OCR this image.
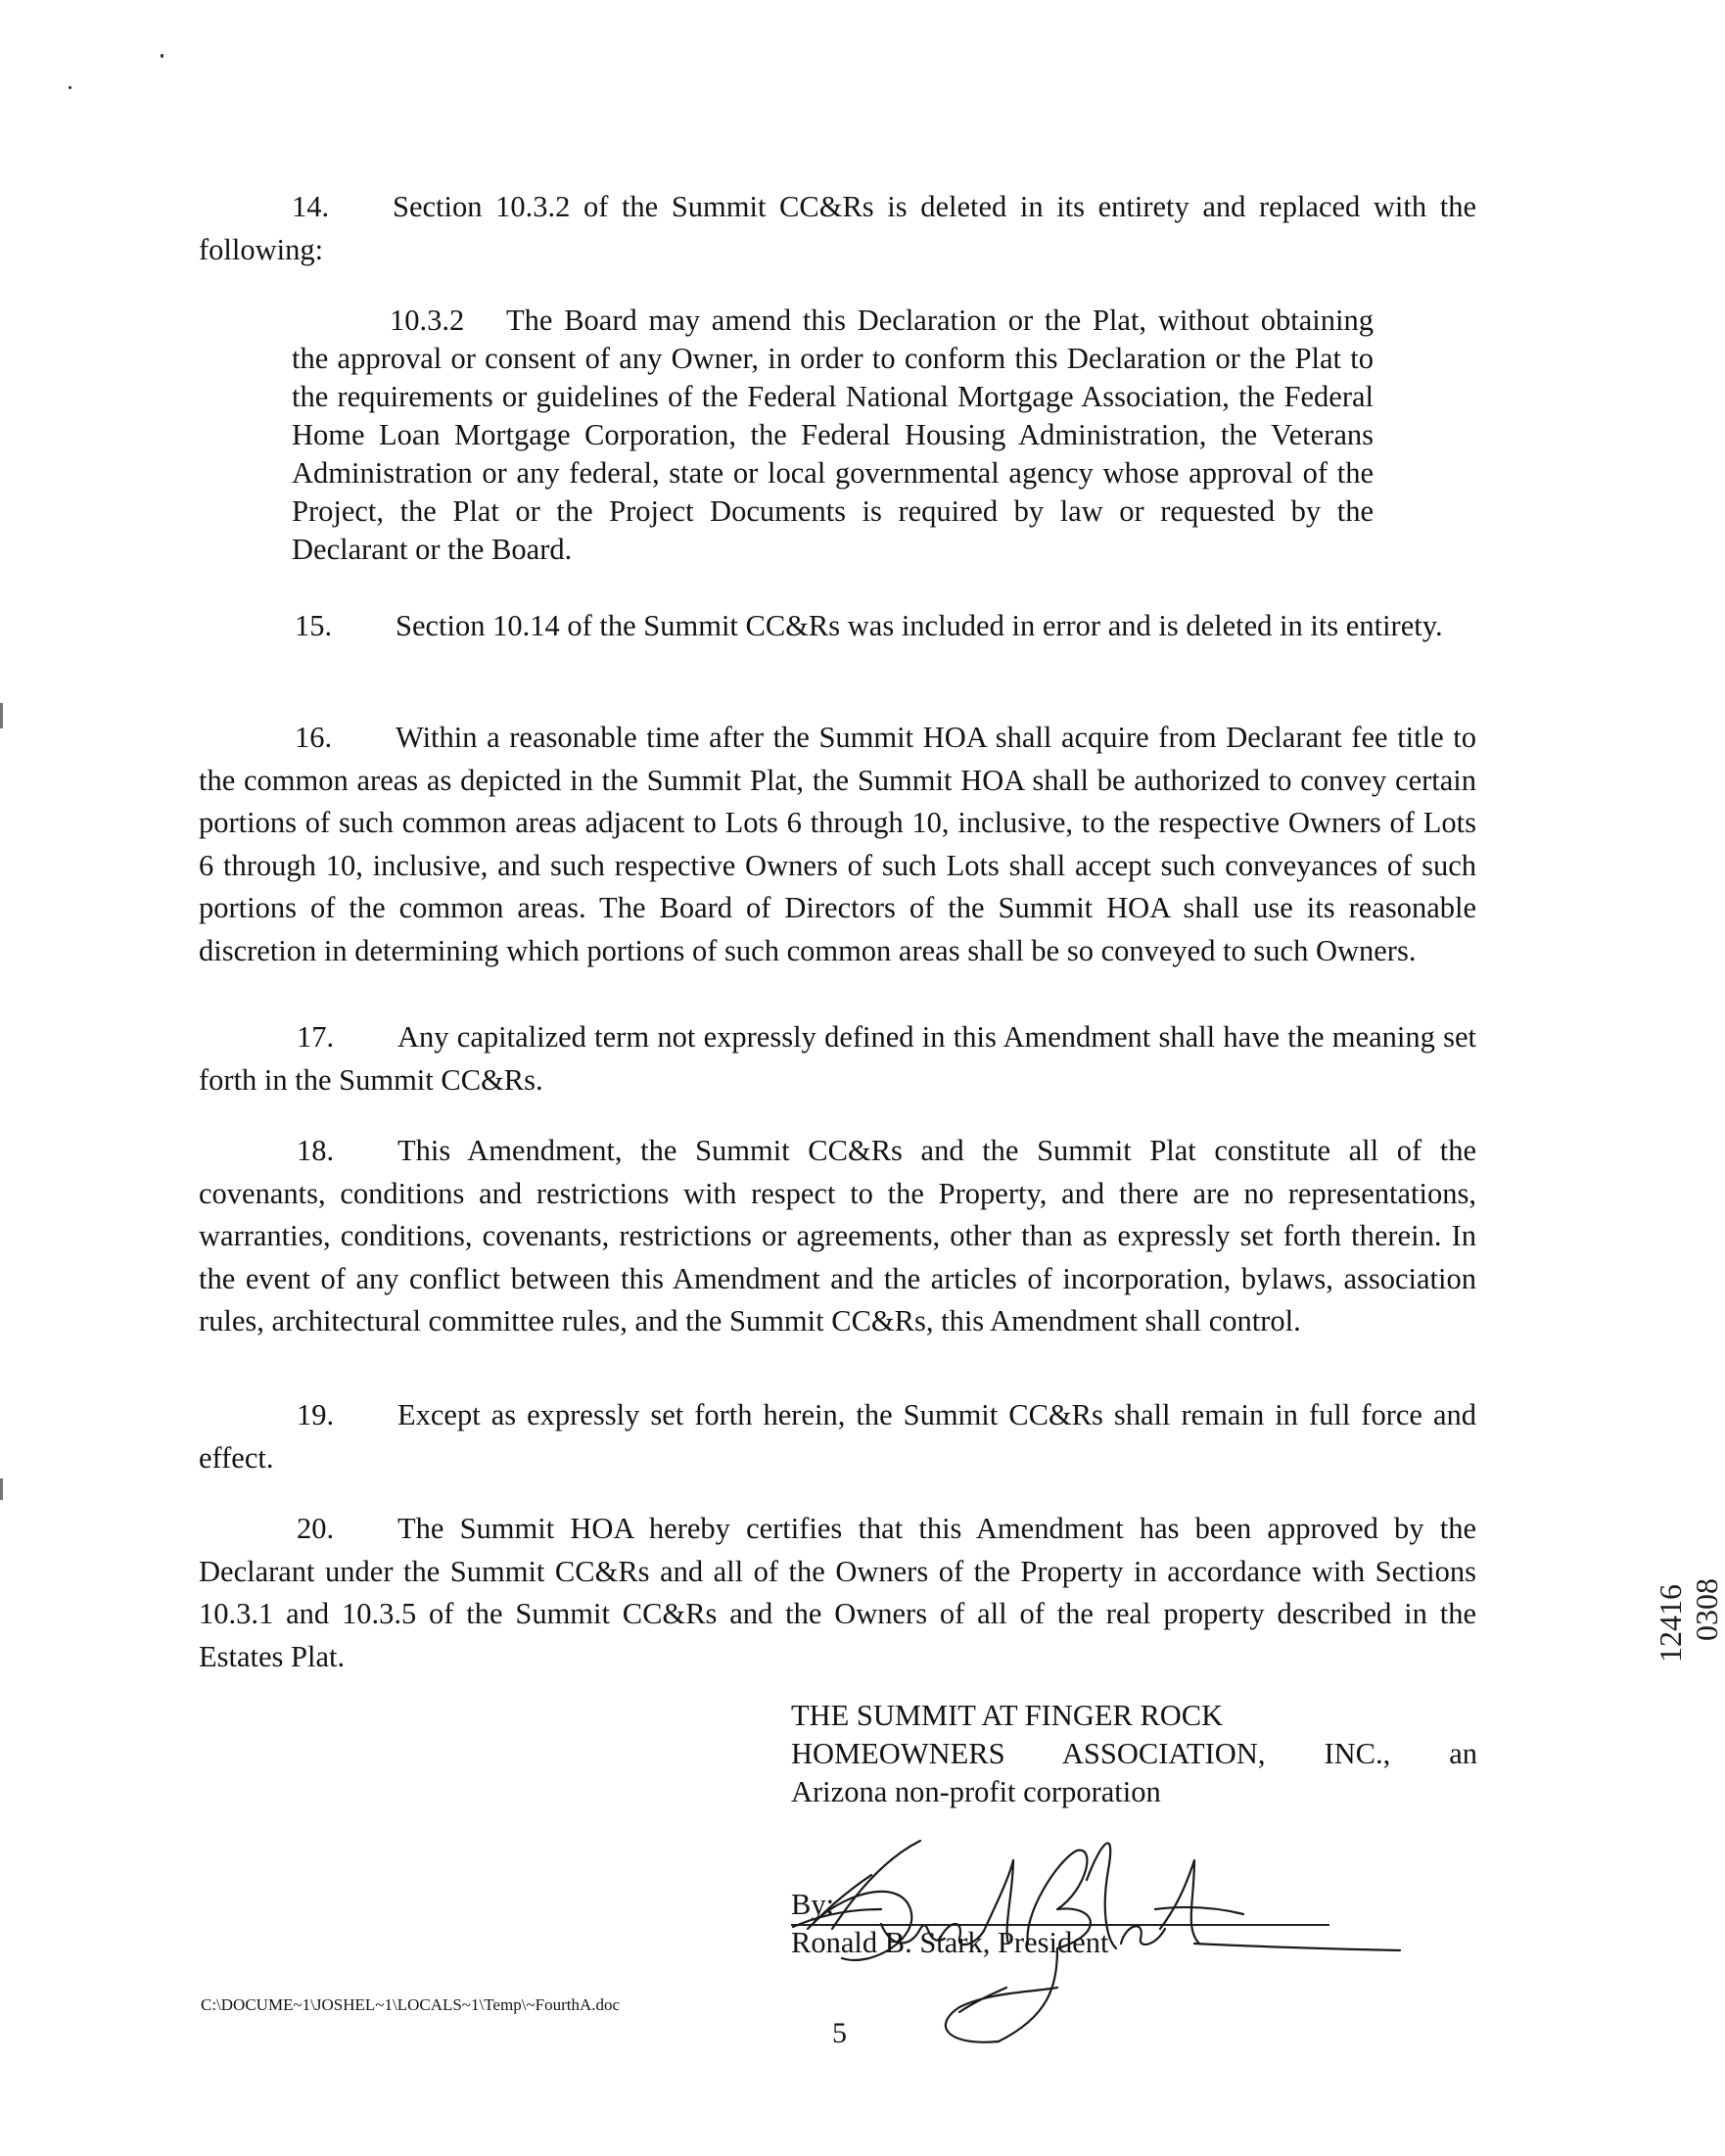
14. Section 10.3.2 of the Summit CC&Rs is deleted in its entirety and replaced with the following:

10.3.2 The Board may amend this Declaration or the Plat, without obtaining the approval or consent of any Owner, in order to conform this Declaration or the Plat to the requirements or guidelines of the Federal National Mortgage Association, the Federal Home Loan Mortgage Corporation, the Federal Housing Administration, the Veterans Administration or any federal, state or local governmental agency whose approval of the Project, the Plat or the Project Documents is required by law or requested by the Declarant or the Board.

15. Section 10.14 of the Summit CC&Rs was included in error and is deleted in its entirety.

16. Within a reasonable time after the Summit HOA shall acquire from Declarant fee title to the common areas as depicted in the Summit Plat, the Summit HOA shall be authorized to convey certain portions of such common areas adjacent to Lots 6 through 10, inclusive, to the respective Owners of Lots 6 through 10, inclusive, and such respective Owners of such Lots shall accept such conveyances of such portions of the common areas. The Board of Directors of the Summit HOA shall use its reasonable discretion in determining which portions of such common areas shall be so conveyed to such Owners.

17. Any capitalized term not expressly defined in this Amendment shall have the meaning set forth in the Summit CC&Rs.

18. This Amendment, the Summit CC&Rs and the Summit Plat constitute all of the covenants, conditions and restrictions with respect to the Property, and there are no representations, warranties, conditions, covenants, restrictions or agreements, other than as expressly set forth therein. In the event of any conflict between this Amendment and the articles of incorporation, bylaws, association rules, architectural committee rules, and the Summit CC&Rs, this Amendment shall control.

19. Except as expressly set forth herein, the Summit CC&Rs shall remain in full force and effect.

20. The Summit HOA hereby certifies that this Amendment has been approved by the Declarant under the Summit CC&Rs and all of the Owners of the Property in accordance with Sections 10.3.1 and 10.3.5 of the Summit CC&Rs and the Owners of all of the real property described in the Estates Plat.

THE SUMMIT AT FINGER ROCK
HOMEOWNERS ASSOCIATION, INC., an
Arizona non-profit corporation
By:
Ronald B. Stark, President
C:\DOCUME~1\JOSHEL~1\LOCALS~1\Temp\~FourthA.doc
5
12416 0308
